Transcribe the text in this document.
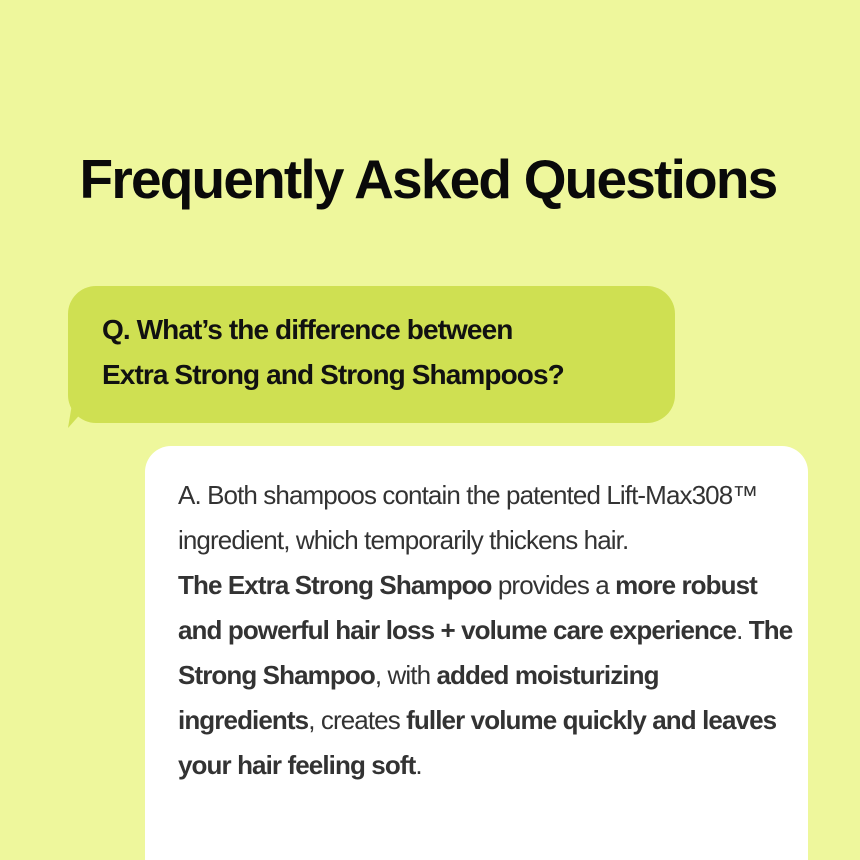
Frequently Asked Questions

Q. What’s the difference between
Extra Strong and Strong Shampoos?

A. Both shampoos contain the patented Lift-Max308™ ingredient, which temporarily thickens hair.

The Extra Strong Shampoo provides a more robust and powerful hair loss + volume care experience. The Strong Shampoo, with added moisturizing ingredients, creates fuller volume quickly and leaves your hair feeling soft.
